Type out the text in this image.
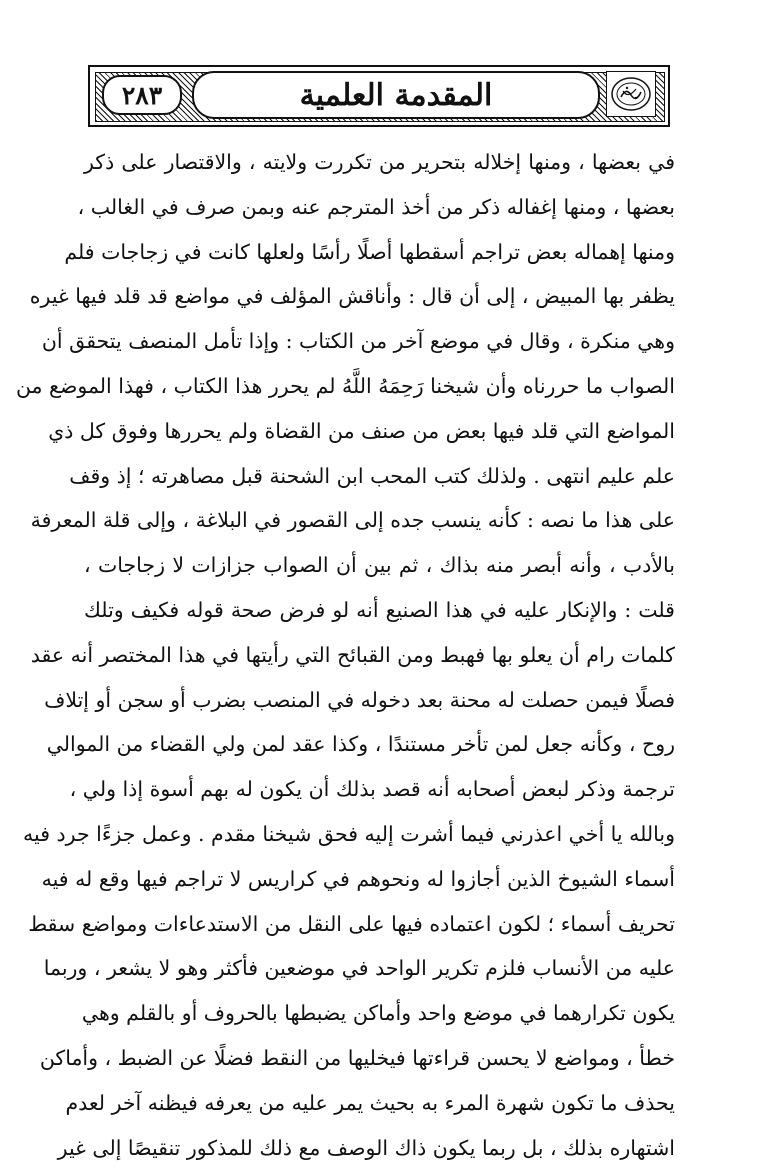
٢٨٣	المقدمة العلمية
في بعضها ، ومنها إخلاله بتحرير من تكررت ولايته ، والاقتصار على ذكر
بعضها ، ومنها إغفاله ذكر من أخذ المترجم عنه وبمن صرف في الغالب ،
ومنها إهماله بعض تراجم أسقطها أصلًا رأسًا ولعلها كانت في زجاجات فلم
يظفر بها المبيض ، إلى أن قال : وأناقش المؤلف في مواضع قد قلد فيها غيره
وهي منكرة ، وقال في موضع آخر من الكتاب : وإذا تأمل المنصف يتحقق أن
الصواب ما حررناه وأن شيخنا رَحِمَهُ اللَّهُ لم يحرر هذا الكتاب ، فهذا الموضع من
المواضع التي قلد فيها بعض من صنف من القضاة ولم يحررها وفوق كل ذي
علم عليم انتهى . ولذلك كتب المحب ابن الشحنة قبل مصاهرته ؛ إذ وقف
على هذا ما نصه : كأنه ينسب جده إلى القصور في البلاغة ، وإلى قلة المعرفة
بالأدب ، وأنه أبصر منه بذاك ، ثم بين أن الصواب جزازات لا زجاجات ،
قلت : والإنكار عليه في هذا الصنيع أنه لو فرض صحة قوله فكيف وتلك
كلمات رام أن يعلو بها فهبط ومن القبائح التي رأيتها في هذا المختصر أنه عقد
فصلًا فيمن حصلت له محنة بعد دخوله في المنصب بضرب أو سجن أو إتلاف
روح ، وكأنه جعل لمن تأخر مستندًا ، وكذا عقد لمن ولي القضاء من الموالي
ترجمة وذكر لبعض أصحابه أنه قصد بذلك أن يكون له بهم أسوة إذا ولي ،
وبالله يا أخي اعذرني فيما أشرت إليه فحق شيخنا مقدم . وعمل جزءًا جرد فيه
أسماء الشيوخ الذين أجازوا له ونحوهم في كراريس لا تراجم فيها وقع له فيه
تحريف أسماء ؛ لكون اعتماده فيها على النقل من الاستدعاءات ومواضع سقط
عليه من الأنساب فلزم تكرير الواحد في موضعين فأكثر وهو لا يشعر ، وربما
يكون تكرارهما في موضع واحد وأماكن يضبطها بالحروف أو بالقلم وهي
خطأ ، ومواضع لا يحسن قراءتها فيخليها من النقط فضلًا عن الضبط ، وأماكن
يحذف ما تكون شهرة المرء به بحيث يمر عليه من يعرفه فيظنه آخر لعدم
اشتهاره بذلك ، بل ربما يكون ذاك الوصف مع ذلك للمذكور تنقيصًا إلى غير
